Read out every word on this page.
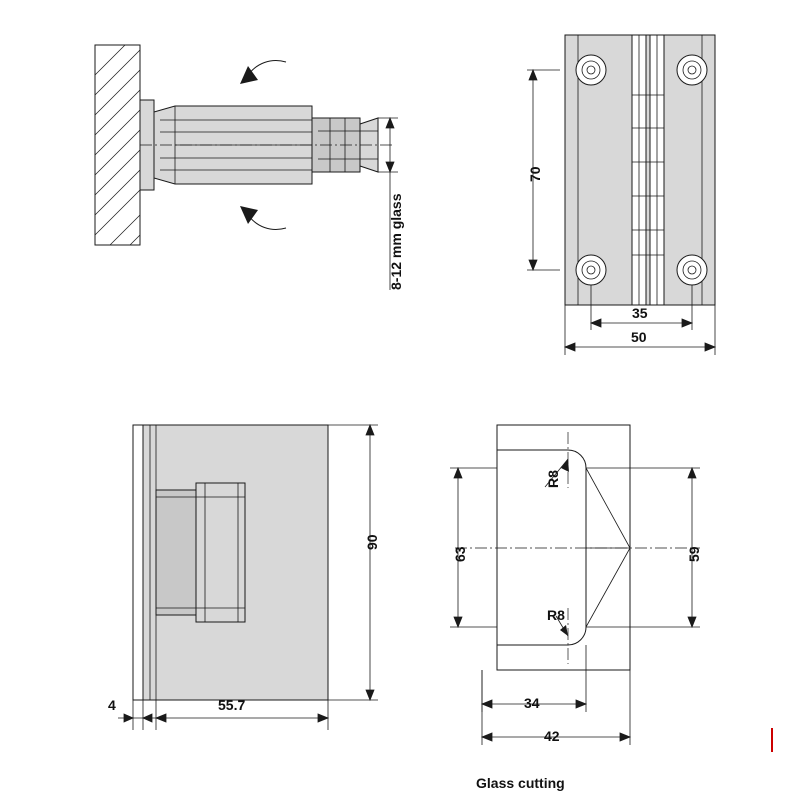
8-12 mm glass
70
35
50
90
4	55.7
63	59
34
42
R8
R8
Glass cutting
